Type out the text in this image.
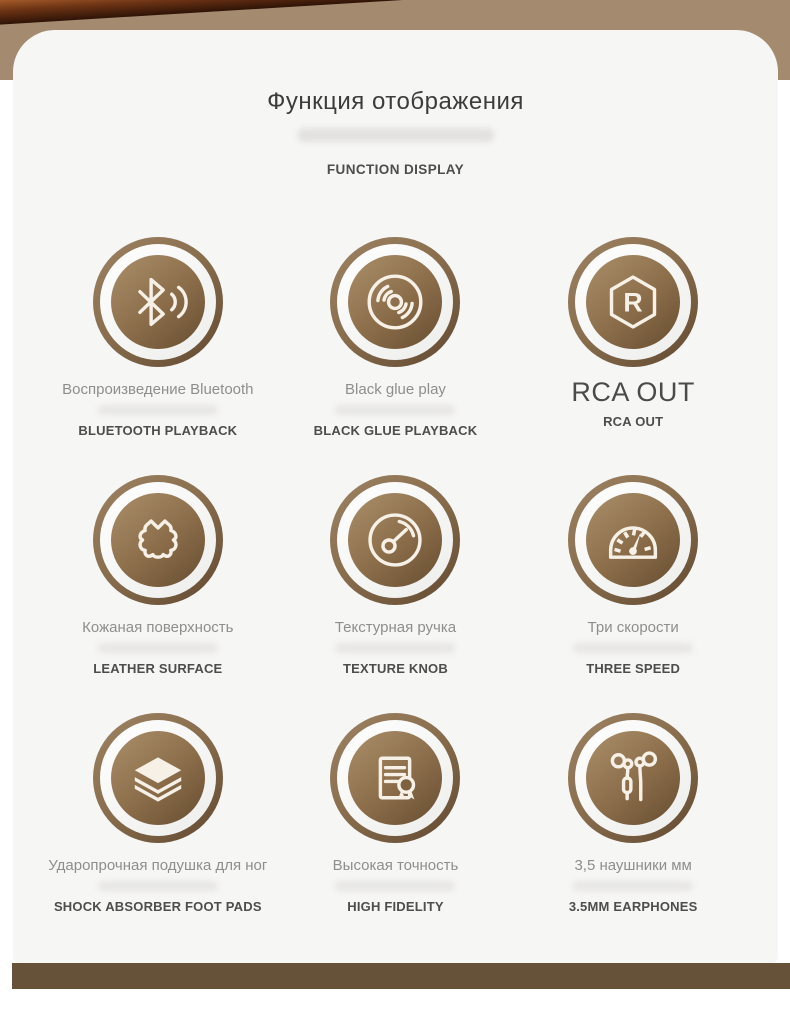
Функция отображения
FUNCTION DISPLAY
Воспроизведение Bluetooth
BLUETOOTH PLAYBACK
Black glue play
BLACK GLUE PLAYBACK
R
RCA OUT
RCA OUT
Кожаная поверхность
LEATHER SURFACE
Текстурная ручка
TEXTURE KNOB
Три скорости
THREE SPEED
Ударопрочная подушка для ног
SHOCK ABSORBER FOOT PADS
Высокая точность
HIGH FIDELITY
3,5 наушники мм
3.5MM EARPHONES
